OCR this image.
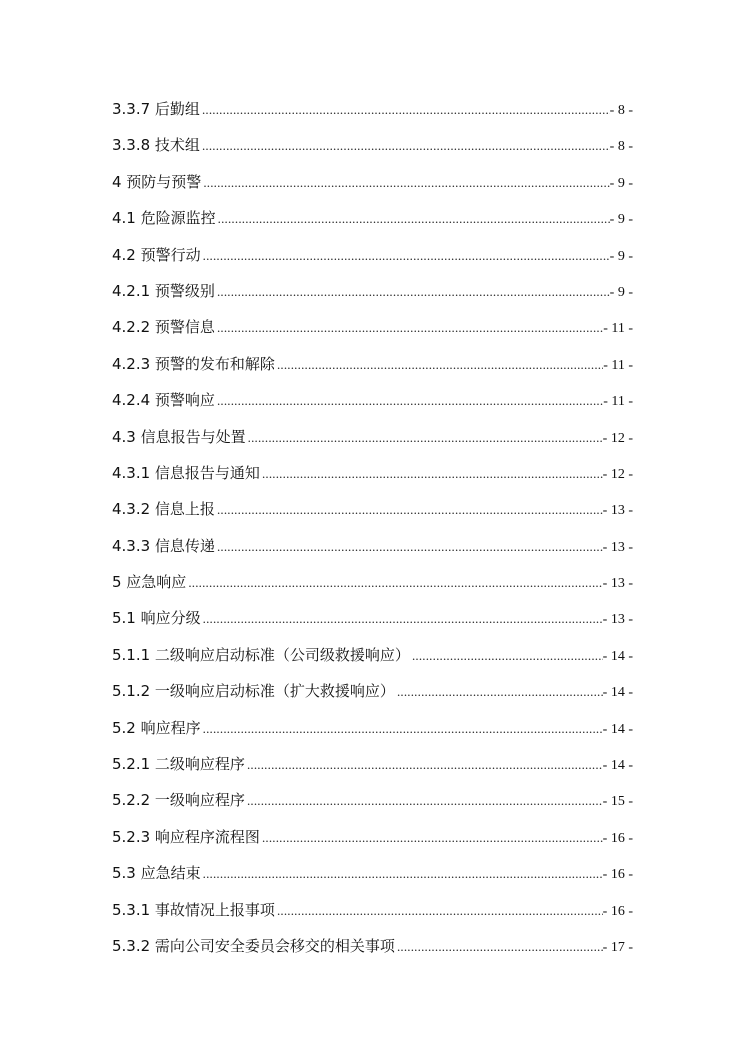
3.3.7 后勤组 .....	- 8 -
3.3.8 技术组 .....	- 8 -
4 预防与预警 .....	- 9 -
4.1 危险源监控 .....	- 9 -
4.2 预警行动 .....	- 9 -
4.2.1 预警级别 .....	- 9 -
4.2.2 预警信息 .....	- 11 -
4.2.3 预警的发布和解除 .....	- 11 -
4.2.4 预警响应 .....	- 11 -
4.3 信息报告与处置 .....	- 12 -
4.3.1 信息报告与通知 .....	- 12 -
4.3.2 信息上报 .....	- 13 -
4.3.3 信息传递 .....	- 13 -
5 应急响应 .....	- 13 -
5.1 响应分级 .....	- 13 -
5.1.1 二级响应启动标准（公司级救援响应） .....	- 14 -
5.1.2 一级响应启动标准（扩大救援响应） .....	- 14 -
5.2 响应程序 .....	- 14 -
5.2.1 二级响应程序 .....	- 14 -
5.2.2 一级响应程序 .....	- 15 -
5.2.3 响应程序流程图 .....	- 16 -
5.3 应急结束 .....	- 16 -
5.3.1 事故情况上报事项 .....	- 16 -
5.3.2 需向公司安全委员会移交的相关事项 .....	- 17 -
